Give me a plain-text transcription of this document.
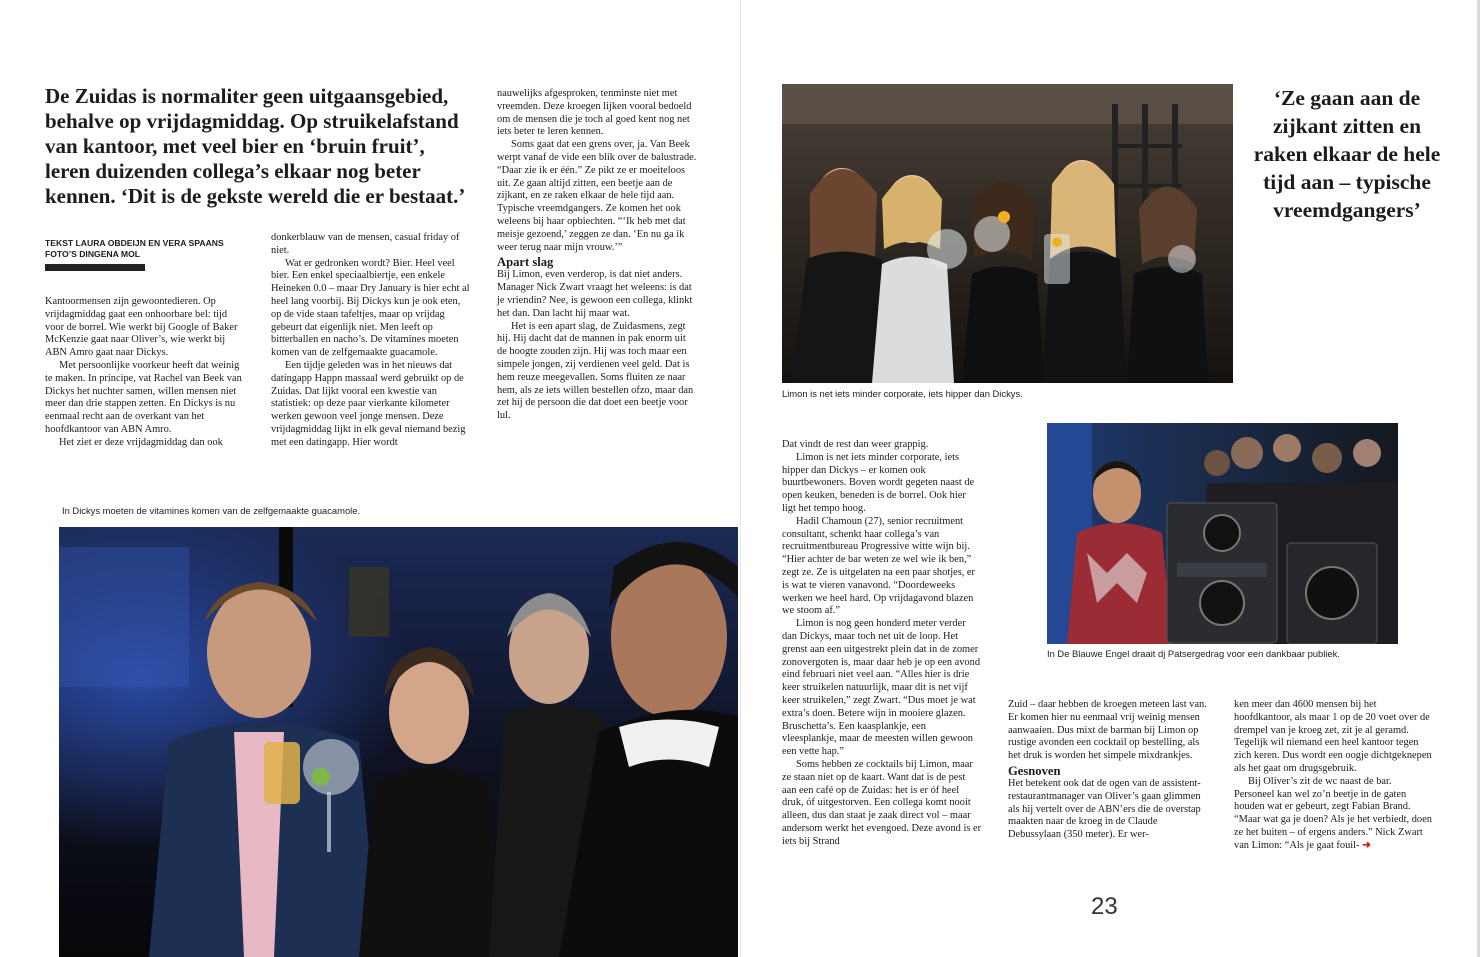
De Zuidas is normaliter geen uitgaansgebied, behalve op vrijdagmiddag. Op struikelafstand van kantoor, met veel bier en ‘bruin fruit’, leren duizenden collega’s elkaar nog beter kennen. ‘Dit is de gekste wereld die er bestaat.’
TEKST LAURA OBDEIJN EN VERA SPAANS
FOTO’S DINGENA MOL

Kantoormensen zijn gewoontedieren. Op vrijdagmiddag gaat een onhoorbare bel: tijd voor de borrel. Wie werkt bij Google of Baker McKenzie gaat naar Oliver’s, wie werkt bij ABN Amro gaat naar Dickys.

Met persoonlijke voorkeur heeft dat weinig te maken. In principe, vat Rachel van Beek van Dickys het nuchter samen, willen mensen niet meer dan drie stappen zetten. En Dickys is nu eenmaal recht aan de overkant van het hoofdkantoor van ABN Amro.

Het ziet er deze vrijdagmiddag dan ook

donkerblauw van de mensen, casual friday of niet.

Wat er gedronken wordt? Bier. Heel veel bier. Een enkel speciaalbiertje, een enkele Heineken 0.0 – maar Dry January is hier echt al heel lang voorbij. Bij Dickys kun je ook eten, op de vide staan tafeltjes, maar op vrijdag gebeurt dat eigenlijk niet. Men leeft op bitterballen en nacho’s. De vitamines moeten komen van de zelfgemaakte guacamole.

Een tijdje geleden was in het nieuws dat datingapp Happn massaal werd gebruikt op de Zuidas. Dat lijkt vooral een kwestie van statistiek: op deze paar vierkante kilometer werken gewoon veel jonge mensen. Deze vrijdagmiddag lijkt in elk geval niemand bezig met een datingapp. Hier wordt

nauwelijks afgesproken, tenminste niet met vreemden. Deze kroegen lijken vooral bedoeld om de mensen die je toch al goed kent nog net iets beter te leren kennen.

Soms gaat dat een grens over, ja. Van Beek werpt vanaf de vide een blik over de balustrade. “Daar zie ik er één.” Ze pikt ze er moeiteloos uit. Ze gaan altijd zitten, een beetje aan de zijkant, en ze raken elkaar de hele tijd aan. Typische vreemdgangers. Ze komen het ook weleens bij haar opbiechten. “‘Ik heb met dat meisje gezoend,’ zeggen ze dan. ‘En nu ga ik weer terug naar mijn vrouw.’”

Apart slag

Bij Limon, even verderop, is dat niet anders. Manager Nick Zwart vraagt het weleens: is dat je vriendin? Nee, is gewoon een collega, klinkt het dan. Dan lacht hij maar wat.

Het is een apart slag, de Zuidasmens, zegt hij. Hij dacht dat de mannen in pak enorm uit de hoogte zouden zijn. Hij was toch maar een simpele jongen, zij verdienen veel geld. Dat is hem reuze meegevallen. Soms fluiten ze naar hem, als ze iets willen bestellen ofzo, maar dan zet hij de persoon die dat doet een beetje voor lul.

In Dickys moeten de vitamines komen van de zelfgemaakte guacamole.
Limon is net iets minder corporate, iets hipper dan Dickys.
‘Ze gaan aan de zijkant zitten en raken elkaar de hele tijd aan – typische vreemdgangers’
In De Blauwe Engel draait dj Patsergedrag voor een dankbaar publiek.

Dat vindt de rest dan weer grappig.

Limon is net iets minder corporate, iets hipper dan Dickys – er komen ook buurtbewoners. Boven wordt gegeten naast de open keuken, beneden is de borrel. Ook hier ligt het tempo hoog.

Hadil Chamoun (27), senior recruitment consultant, schenkt haar collega’s van recruitmentbureau Progressive witte wijn bij. “Hier achter de bar weten ze wel wie ik ben,” zegt ze. Ze is uitgelaten na een paar shotjes, er is wat te vieren vanavond. “Doordeweeks werken we heel hard. Op vrijdagavond blazen we stoom af.”

Limon is nog geen honderd meter verder dan Dickys, maar toch net uit de loop. Het grenst aan een uitgestrekt plein dat in de zomer zonovergoten is, maar daar heb je op een avond eind februari niet veel aan. “Alles hier is drie keer struikelen natuurlijk, maar dit is net vijf keer struikelen,” zegt Zwart. “Dus moet je wat extra’s doen. Betere wijn in mooiere glazen. Bruschetta’s. Een kaasplankje, een vleesplankje, maar de meesten willen gewoon een vette hap.”

Soms hebben ze cocktails bij Limon, maar ze staan niet op de kaart. Want dat is de pest aan een café op de Zuidas: het is er óf heel druk, óf uitgestorven. Een collega komt nooit alleen, dus dan staat je zaak direct vol – maar andersom werkt het evengoed. Deze avond is er iets bij Strand

Zuid – daar hebben de kroegen meteen last van. Er komen hier nu eenmaal vrij weinig mensen aanwaaien. Dus mixt de barman bij Limon op rustige avonden een cocktail op bestelling, als het druk is worden het simpele mixdrankjes.

Gesnoven

Het betekent ook dat de ogen van de assistent-restaurantmanager van Oliver’s gaan glimmen als hij vertelt over de ABN’ers die de overstap maakten naar de kroeg in de Claude Debussylaan (350 meter). Er wer-

ken meer dan 4600 mensen bij het hoofdkantoor, als maar 1 op de 20 voet over de drempel van je kroeg zet, zit je al geramd. Tegelijk wil niemand een heel kantoor tegen zich keren. Dus wordt een oogje dichtgeknepen als het gaat om drugsgebruik.

Bij Oliver’s zit de wc naast de bar. Personeel kan wel zo’n beetje in de gaten houden wat er gebeurt, zegt Fabian Brand. “Maar wat ga je doen? Als je het verbiedt, doen ze het buiten – of ergens anders.” Nick Zwart van Limon: “Als je gaat fouil- ➜

23
